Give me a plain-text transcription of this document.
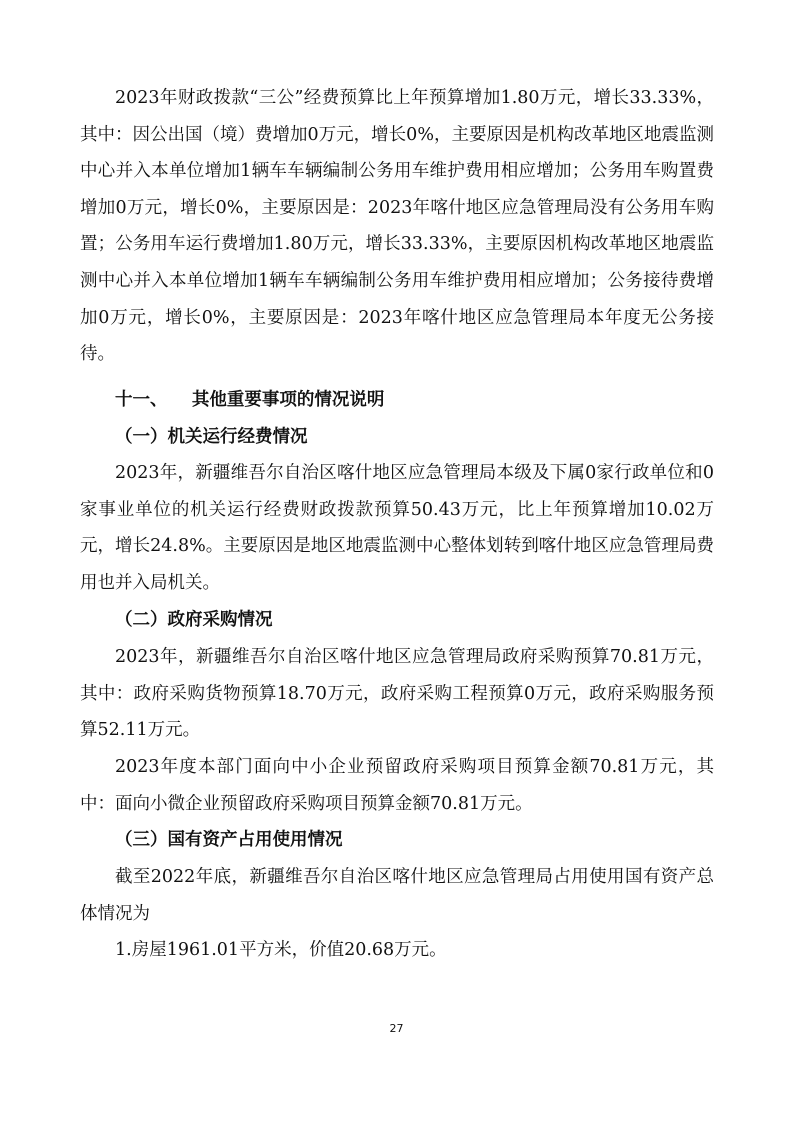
2023年财政拨款“三公”经费预算比上年预算增加1.80万元，增长33.33%，其中：因公出国（境）费增加0万元，增长0%，主要原因是机构改革地区地震监测中心并入本单位增加1辆车车辆编制公务用车维护费用相应增加；公务用车购置费增加0万元，增长0%，主要原因是：2023年喀什地区应急管理局没有公务用车购置；公务用车运行费增加1.80万元，增长33.33%，主要原因机构改革地区地震监测中心并入本单位增加1辆车车辆编制公务用车维护费用相应增加；公务接待费增加0万元，增长0%，主要原因是：2023年喀什地区应急管理局本年度无公务接待。

十一、    其他重要事项的情况说明

（一）机关运行经费情况

2023年，新疆维吾尔自治区喀什地区应急管理局本级及下属0家行政单位和0家事业单位的机关运行经费财政拨款预算50.43万元，比上年预算增加10.02万元，增长24.8%。主要原因是地区地震监测中心整体划转到喀什地区应急管理局费用也并入局机关。

（二）政府采购情况

2023年，新疆维吾尔自治区喀什地区应急管理局政府采购预算70.81万元，其中：政府采购货物预算18.70万元，政府采购工程预算0万元，政府采购服务预算52.11万元。

2023年度本部门面向中小企业预留政府采购项目预算金额70.81万元，其中：面向小微企业预留政府采购项目预算金额70.81万元。

（三）国有资产占用使用情况

截至2022年底，新疆维吾尔自治区喀什地区应急管理局占用使用国有资产总体情况为

1.房屋1961.01平方米，价值20.68万元。

27
